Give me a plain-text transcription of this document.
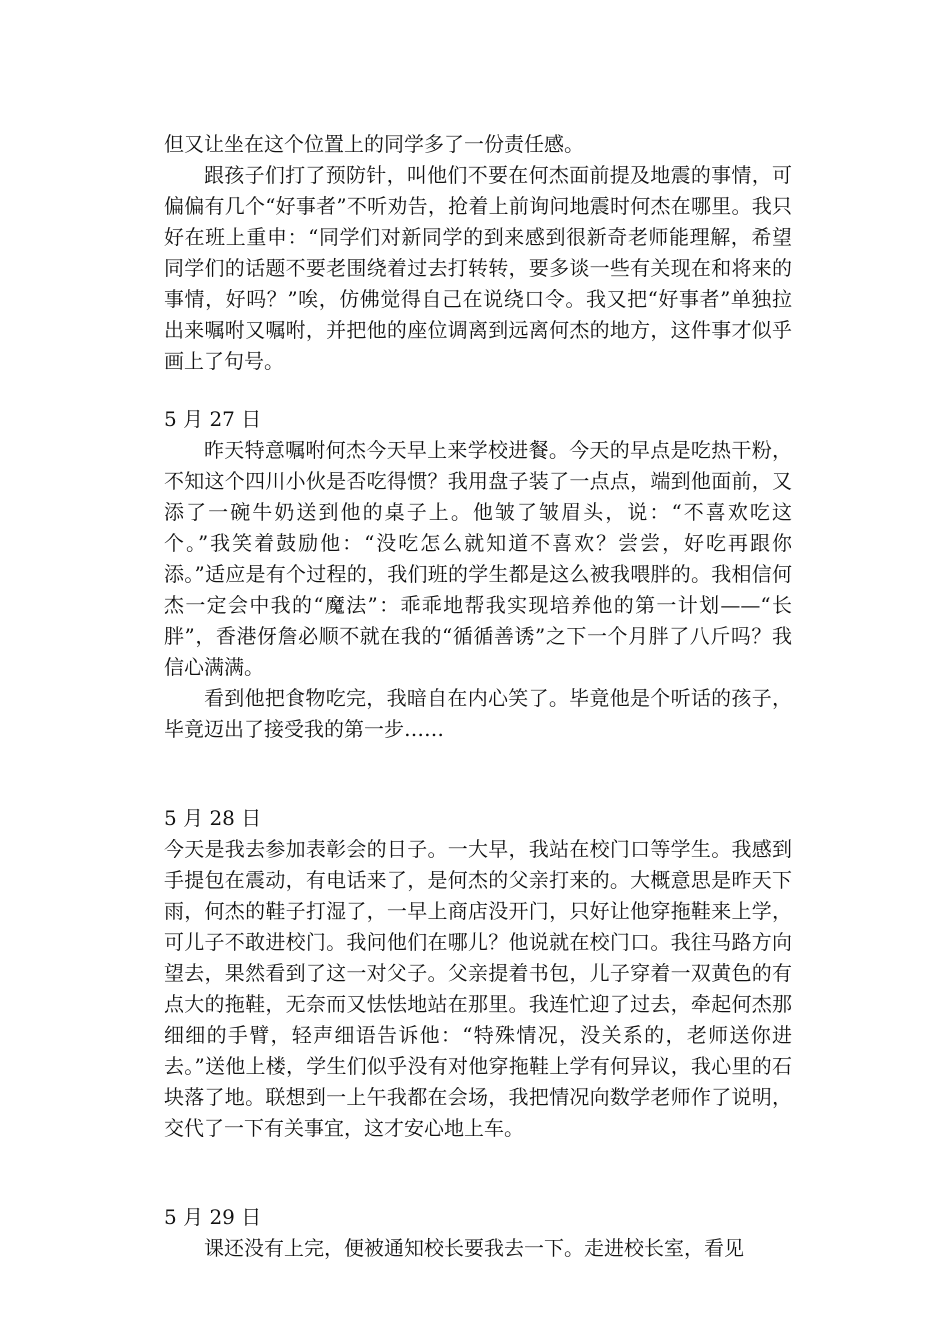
但又让坐在这个位置上的同学多了一份责任感。

跟孩子们打了预防针，叫他们不要在何杰面前提及地震的事情，可偏偏有几个“好事者”不听劝告，抢着上前询问地震时何杰在哪里。我只好在班上重申：“同学们对新同学的到来感到很新奇老师能理解，希望同学们的话题不要老围绕着过去打转转，要多谈一些有关现在和将来的事情，好吗？”唉，仿佛觉得自己在说绕口令。我又把“好事者”单独拉出来嘱咐又嘱咐，并把他的座位调离到远离何杰的地方，这件事才似乎画上了句号。

5 月 27 日

昨天特意嘱咐何杰今天早上来学校进餐。今天的早点是吃热干粉，不知这个四川小伙是否吃得惯？我用盘子装了一点点，端到他面前，又添了一碗牛奶送到他的桌子上。他皱了皱眉头，说：“不喜欢吃这个。”我笑着鼓励他：“没吃怎么就知道不喜欢？尝尝，好吃再跟你添。”适应是有个过程的，我们班的学生都是这么被我喂胖的。我相信何杰一定会中我的“魔法”：乖乖地帮我实现培养他的第一计划——“长胖”，香港伢詹必顺不就在我的“循循善诱”之下一个月胖了八斤吗？我信心满满。

看到他把食物吃完，我暗自在内心笑了。毕竟他是个听话的孩子，毕竟迈出了接受我的第一步……

5 月 28 日

今天是我去参加表彰会的日子。一大早，我站在校门口等学生。我感到手提包在震动，有电话来了，是何杰的父亲打来的。大概意思是昨天下雨，何杰的鞋子打湿了，一早上商店没开门，只好让他穿拖鞋来上学，可儿子不敢进校门。我问他们在哪儿？他说就在校门口。我往马路方向望去，果然看到了这一对父子。父亲提着书包，儿子穿着一双黄色的有点大的拖鞋，无奈而又怯怯地站在那里。我连忙迎了过去，牵起何杰那细细的手臂，轻声细语告诉他：“特殊情况，没关系的，老师送你进去。”送他上楼，学生们似乎没有对他穿拖鞋上学有何异议，我心里的石块落了地。联想到一上午我都在会场，我把情况向数学老师作了说明，交代了一下有关事宜，这才安心地上车。

5 月 29 日

课还没有上完，便被通知校长要我去一下。走进校长室，看见
